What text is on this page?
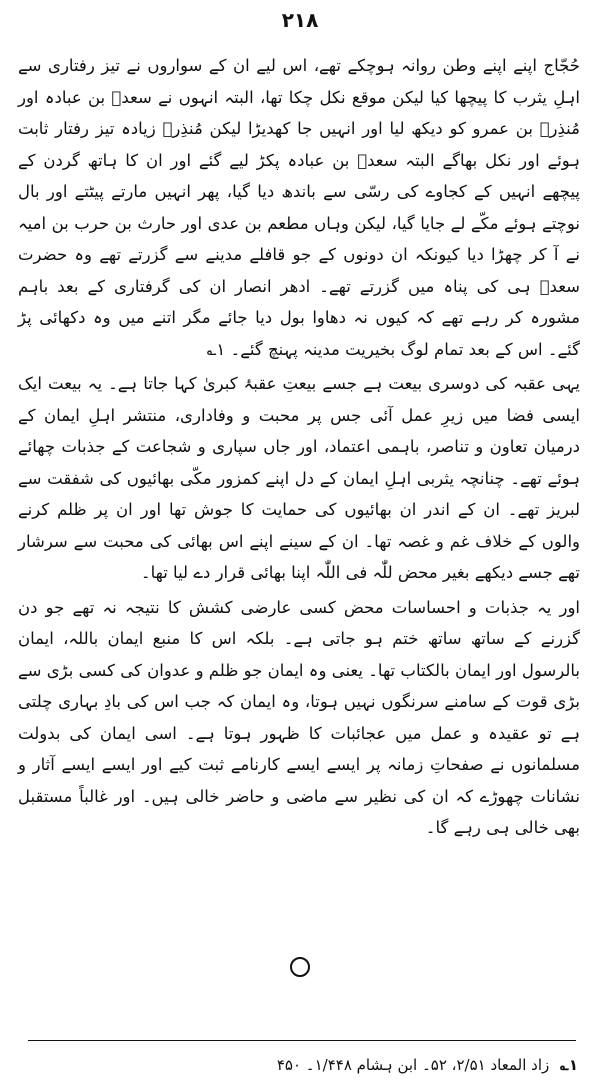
۲۱۸

حُجّاج اپنے اپنے وطن روانہ ہوچکے تھے، اس لیے ان کے سواروں نے تیز رفتاری سے اہلِ یثرب کا پیچھا کیا لیکن موقع نکل چکا تھا، البتہ انہوں نے سعدؓ بن عبادہ اور مُنذِرؓ بن عمرو کو دیکھ لیا اور انہیں جا کھدیڑا لیکن مُنذِرؓ زیادہ تیز رفتار ثابت ہوئے اور نکل بھاگے البتہ سعدؓ بن عبادہ پکڑ لیے گئے اور ان کا ہاتھ گردن کے پیچھے انہیں کے کجاوے کی رسّی سے باندھ دیا گیا، پھر انہیں مارتے پیٹتے اور بال نوچتے ہوئے مکّے لے جایا گیا، لیکن وہاں مطعم بن عدی اور حارث بن حرب بن امیہ نے آ کر چھڑا دیا کیونکہ ان دونوں کے جو قافلے مدینے سے گزرتے تھے وہ حضرت سعدؓ ہی کی پناہ میں گزرتے تھے۔ ادھر انصار ان کی گرفتاری کے بعد باہم مشورہ کر رہے تھے کہ کیوں نہ دھاوا بول دیا جائے مگر اتنے میں وہ دکھائی پڑ گئے۔ اس کے بعد تمام لوگ بخیریت مدینہ پہنچ گئے۔ ۱؎

یہی عقبہ کی دوسری بیعت ہے جسے بیعتِ عقبۂ کبریٰ کہا جاتا ہے۔ یہ بیعت ایک ایسی فضا میں زیرِ عمل آئی جس پر محبت و وفاداری، منتشر اہلِ ایمان کے درمیان تعاون و تناصر، باہمی اعتماد، اور جاں سپاری و شجاعت کے جذبات چھائے ہوئے تھے۔ چنانچہ یثربی اہلِ ایمان کے دل اپنے کمزور مکّی بھائیوں کی شفقت سے لبریز تھے۔ ان کے اندر ان بھائیوں کی حمایت کا جوش تھا اور ان پر ظلم کرنے والوں کے خلاف غم و غصہ تھا۔ ان کے سینے اپنے اس بھائی کی محبت سے سرشار تھے جسے دیکھے بغیر محض للّٰہ فی اللّٰہ اپنا بھائی قرار دے لیا تھا۔

اور یہ جذبات و احساسات محض کسی عارضی کشش کا نتیجہ نہ تھے جو دن گزرنے کے ساتھ ساتھ ختم ہو جاتی ہے۔ بلکہ اس کا منبع ایمان باللہ، ایمان بالرسول اور ایمان بالکتاب تھا۔ یعنی وہ ایمان جو ظلم و عدوان کی کسی بڑی سے بڑی قوت کے سامنے سرنگوں نہیں ہوتا، وہ ایمان کہ جب اس کی بادِ بہاری چلتی ہے تو عقیدہ و عمل میں عجائبات کا ظہور ہوتا ہے۔ اسی ایمان کی بدولت مسلمانوں نے صفحاتِ زمانہ پر ایسے ایسے کارنامے ثبت کیے اور ایسے ایسے آثار و نشانات چھوڑے کہ ان کی نظیر سے ماضی و حاضر خالی ہیں۔ اور غالباً مستقبل بھی خالی ہی رہے گا۔

۱؎ زاد المعاد ۲/۵۱، ۵۲۔ ابن ہشام ۱/۴۴۸۔ ۴۵۰
